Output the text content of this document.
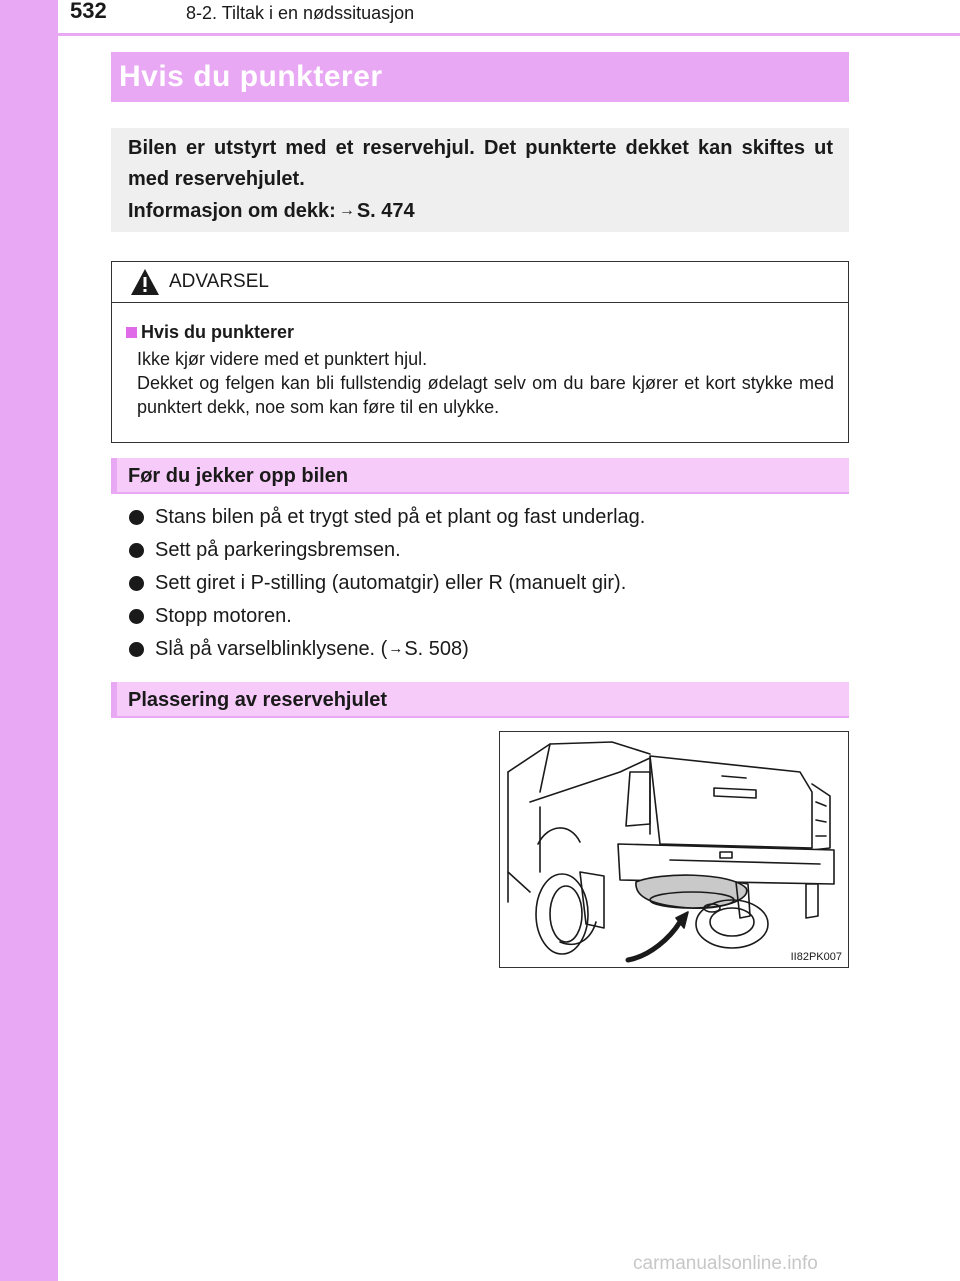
532	8-2. Tiltak i en nødssituasjon
Hvis du punkterer
Bilen er utstyrt med et reservehjul. Det punkterte dekket kan skiftes ut med reservehjulet.
Informasjon om dekk: → S. 474
ADVARSEL
Hvis du punkterer
Ikke kjør videre med et punktert hjul.
Dekket og felgen kan bli fullstendig ødelagt selv om du bare kjører et kort stykke med punktert dekk, noe som kan føre til en ulykke.
Før du jekker opp bilen
Stans bilen på et trygt sted på et plant og fast underlag.
Sett på parkeringsbremsen.
Sett giret i P-stilling (automatgir) eller R (manuelt gir).
Stopp motoren.
Slå på varselblinklysene. (→S. 508)
Plassering av reservehjulet
II82PK007
carmanualsonline.info
